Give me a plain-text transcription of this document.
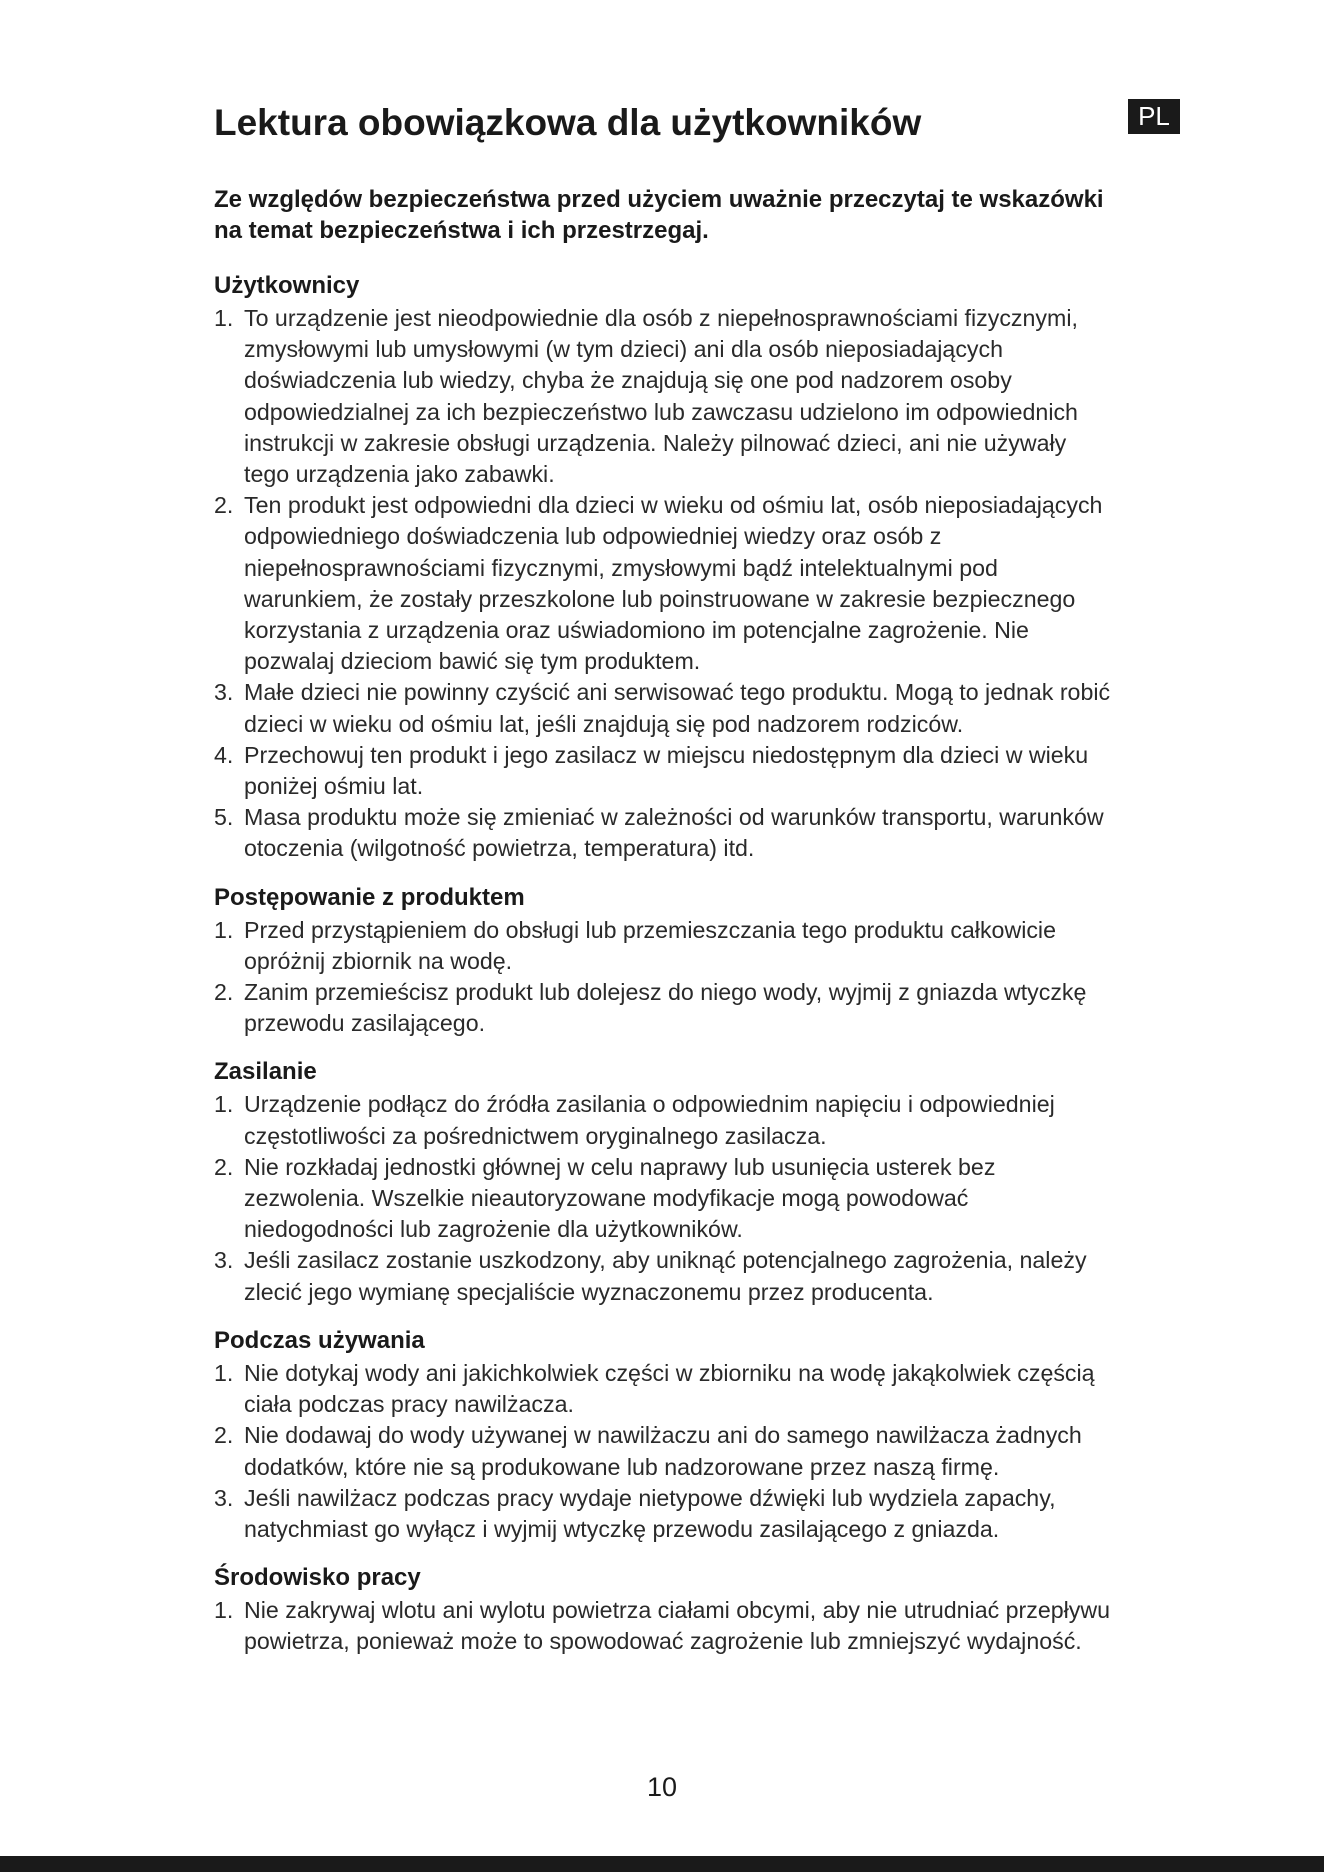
PL
Lektura obowiązkowa dla użytkowników

Ze względów bezpieczeństwa przed użyciem uważnie przeczytaj te wskazówki na temat bezpieczeństwa i ich przestrzegaj.

Użytkownicy
To urządzenie jest nieodpowiednie dla osób z niepełnosprawnościami fizycznymi, zmysłowymi lub umysłowymi (w tym dzieci) ani dla osób nieposiadających doświadczenia lub wiedzy, chyba że znajdują się one pod nadzorem osoby odpowiedzialnej za ich bezpieczeństwo lub zawczasu udzielono im odpowiednich instrukcji w zakresie obsługi urządzenia. Należy pilnować dzieci, ani nie używały tego urządzenia jako zabawki.
Ten produkt jest odpowiedni dla dzieci w wieku od ośmiu lat, osób nieposiadających odpowiedniego doświadczenia lub odpowiedniej wiedzy oraz osób z niepełnosprawnościami fizycznymi, zmysłowymi bądź intelektualnymi pod warunkiem, że zostały przeszkolone lub poinstruowane w zakresie bezpiecznego korzystania z urządzenia oraz uświadomiono im potencjalne zagrożenie. Nie pozwalaj dzieciom bawić się tym produktem.
Małe dzieci nie powinny czyścić ani serwisować tego produktu. Mogą to jednak robić dzieci w wieku od ośmiu lat, jeśli znajdują się pod nadzorem rodziców.
Przechowuj ten produkt i jego zasilacz w miejscu niedostępnym dla dzieci w wieku poniżej ośmiu lat.
Masa produktu może się zmieniać w zależności od warunków transportu, warunków otoczenia (wilgotność powietrza, temperatura) itd.
Postępowanie z produktem
Przed przystąpieniem do obsługi lub przemieszczania tego produktu całkowicie opróżnij zbiornik na wodę.
Zanim przemieścisz produkt lub dolejesz do niego wody, wyjmij z gniazda wtyczkę przewodu zasilającego.
Zasilanie
Urządzenie podłącz do źródła zasilania o odpowiednim napięciu i odpowiedniej częstotliwości za pośrednictwem oryginalnego zasilacza.
Nie rozkładaj jednostki głównej w celu naprawy lub usunięcia usterek bez zezwolenia. Wszelkie nieautoryzowane modyfikacje mogą powodować niedogodności lub zagrożenie dla użytkowników.
Jeśli zasilacz zostanie uszkodzony, aby uniknąć potencjalnego zagrożenia, należy zlecić jego wymianę specjaliście wyznaczonemu przez producenta.
Podczas używania
Nie dotykaj wody ani jakichkolwiek części w zbiorniku na wodę jakąkolwiek częścią ciała podczas pracy nawilżacza.
Nie dodawaj do wody używanej w nawilżaczu ani do samego nawilżacza żadnych dodatków, które nie są produkowane lub nadzorowane przez naszą firmę.
Jeśli nawilżacz podczas pracy wydaje nietypowe dźwięki lub wydziela zapachy, natychmiast go wyłącz i wyjmij wtyczkę przewodu zasilającego z gniazda.
Środowisko pracy
Nie zakrywaj wlotu ani wylotu powietrza ciałami obcymi, aby nie utrudniać przepływu powietrza, ponieważ może to spowodować zagrożenie lub zmniejszyć wydajność.
10
